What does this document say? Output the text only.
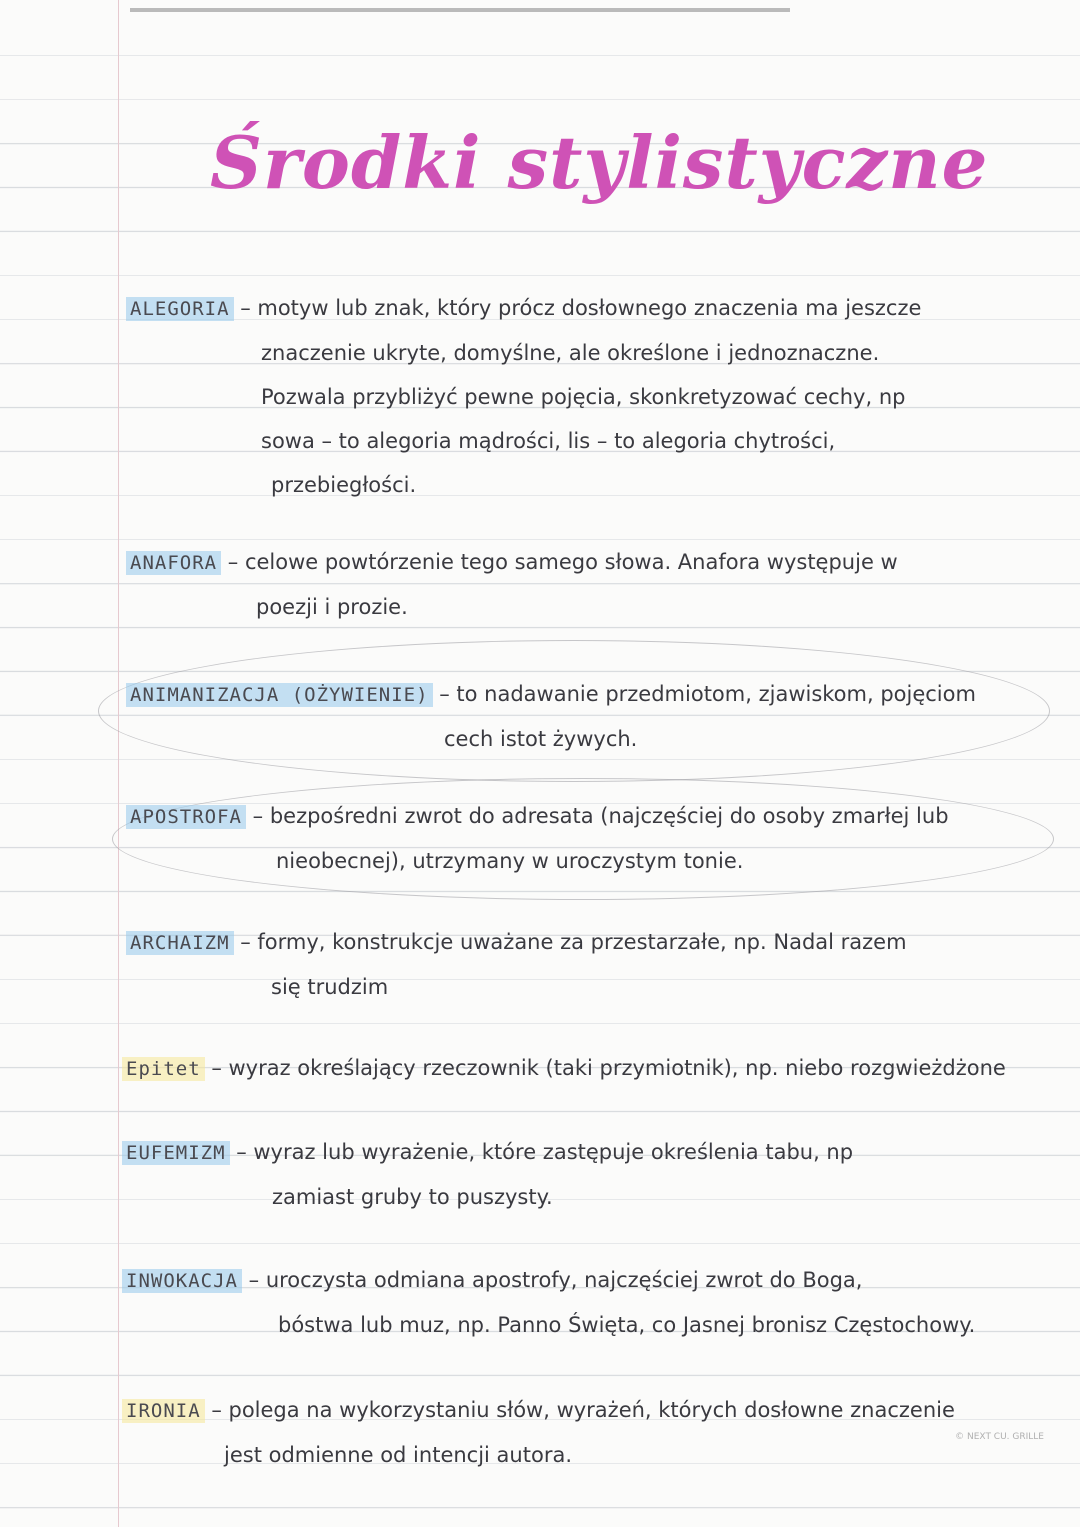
Środki stylistyczne
ALEGORIA – motyw lub znak, który prócz dosłownego znaczenia ma jeszcze
znaczenie ukryte, domyślne, ale określone i jednoznaczne.
Pozwala przybliżyć pewne pojęcia, skonkretyzować cechy, np
sowa – to alegoria mądrości, lis – to alegoria chytrości,
przebiegłości.
ANAFORA – celowe powtórzenie tego samego słowa. Anafora występuje w
poezji i prozie.
ANIMANIZACJA (OŻYWIENIE) – to nadawanie przedmiotom, zjawiskom, pojęciom
cech istot żywych.
APOSTROFA – bezpośredni zwrot do adresata (najczęściej do osoby zmarłej lub
nieobecnej), utrzymany w uroczystym tonie.
ARCHAIZM – formy, konstrukcje uważane za przestarzałe, np. Nadal razem
się trudzim
Epitet – wyraz określający rzeczownik (taki przymiotnik), np. niebo rozgwieżdżone
EUFEMIZM – wyraz lub wyrażenie, które zastępuje określenia tabu, np
zamiast gruby to puszysty.
INWOKACJA – uroczysta odmiana apostrofy, najczęściej zwrot do Boga,
bóstwa lub muz, np. Panno Święta, co Jasnej bronisz Częstochowy.
IRONIA – polega na wykorzystaniu słów, wyrażeń, których dosłowne znaczenie
jest odmienne od intencji autora.
© NEXT CU. GRILLE
